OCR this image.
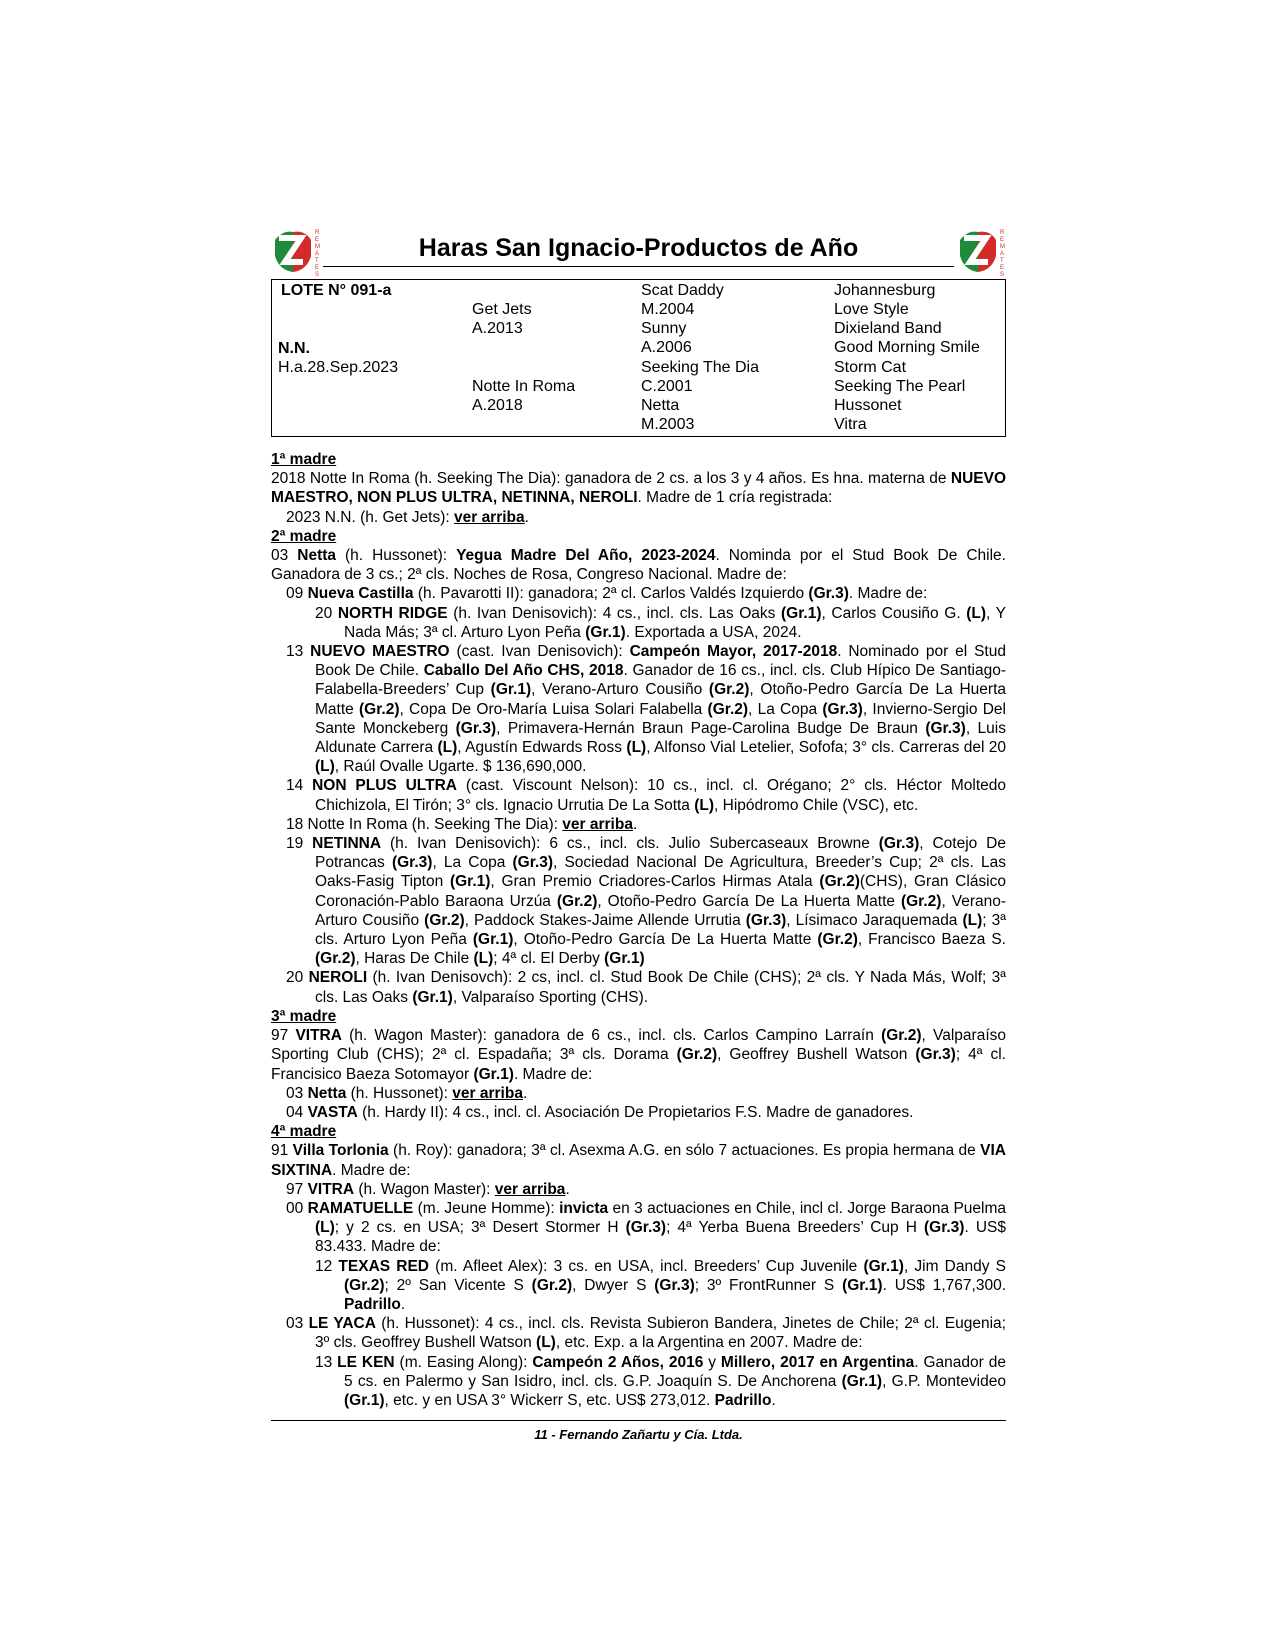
R
E
M
A
T
E
S
Haras San Ignacio-Productos de Año
R
E
M
A
T
E
S
LOTE N° 091-a
N.N.
H.a.28.Sep.2023
Get Jets
A.2013
Notte In Roma
A.2018
Scat Daddy
M.2004
Sunny
A.2006
Seeking The Dia
C.2001
Netta
M.2003
Johannesburg
Love Style
Dixieland Band
Good Morning Smile
Storm Cat
Seeking The Pearl
Hussonet
Vitra
1ª madre
2018 Notte In Roma (h. Seeking The Dia): ganadora de 2 cs. a los 3 y 4 años. Es hna. materna de NUEVO MAESTRO, NON PLUS ULTRA, NETINNA, NEROLI. Madre de 1 cría registrada:
2023 N.N. (h. Get Jets): ver arriba.
2ª madre
03 Netta (h. Hussonet): Yegua Madre Del Año, 2023-2024. Nominda por el Stud Book De Chile. Ganadora de 3 cs.; 2ª cls. Noches de Rosa, Congreso Nacional. Madre de:
09 Nueva Castilla (h. Pavarotti II): ganadora; 2ª cl. Carlos Valdés Izquierdo (Gr.3). Madre de:
20 NORTH RIDGE (h. Ivan Denisovich): 4 cs., incl. cls. Las Oaks (Gr.1), Carlos Cousiño G. (L), Y Nada Más; 3ª cl. Arturo Lyon Peña (Gr.1). Exportada a USA, 2024.
13 NUEVO MAESTRO (cast. Ivan Denisovich): Campeón Mayor, 2017-2018. Nominado por el Stud Book De Chile. Caballo Del Año CHS, 2018. Ganador de 16 cs., incl. cls. Club Hípico De Santiago-Falabella-Breeders’ Cup (Gr.1), Verano-Arturo Cousiño (Gr.2), Otoño-Pedro García De La Huerta Matte (Gr.2), Copa De Oro-María Luisa Solari Falabella (Gr.2), La Copa (Gr.3), Invierno-Sergio Del Sante Monckeberg (Gr.3), Primavera-Hernán Braun Page-Carolina Budge De Braun (Gr.3), Luis Aldunate Carrera (L), Agustín Edwards Ross (L), Alfonso Vial Letelier, Sofofa; 3° cls. Carreras del 20 (L), Raúl Ovalle Ugarte. $ 136,690,000.
14 NON PLUS ULTRA (cast. Viscount Nelson): 10 cs., incl. cl. Orégano; 2° cls. Héctor Moltedo Chichizola, El Tirón; 3° cls. Ignacio Urrutia De La Sotta (L), Hipódromo Chile (VSC), etc.
18 Notte In Roma (h. Seeking The Dia): ver arriba.
19 NETINNA (h. Ivan Denisovich): 6 cs., incl. cls. Julio Subercaseaux Browne (Gr.3), Cotejo De Potrancas (Gr.3), La Copa (Gr.3), Sociedad Nacional De Agricultura, Breeder’s Cup; 2ª cls. Las Oaks-Fasig Tipton (Gr.1), Gran Premio Criadores-Carlos Hirmas Atala (Gr.2)(CHS), Gran Clásico Coronación-Pablo Baraona Urzúa (Gr.2), Otoño-Pedro García De La Huerta Matte (Gr.2), Verano-Arturo Cousiño (Gr.2), Paddock Stakes-Jaime Allende Urrutia (Gr.3), Lísimaco Jaraquemada (L); 3ª cls. Arturo Lyon Peña (Gr.1), Otoño-Pedro García De La Huerta Matte (Gr.2), Francisco Baeza S. (Gr.2), Haras De Chile (L); 4ª cl. El Derby (Gr.1)
20 NEROLI (h. Ivan Denisovch): 2 cs, incl. cl. Stud Book De Chile (CHS); 2ª cls. Y Nada Más, Wolf; 3ª cls. Las Oaks (Gr.1), Valparaíso Sporting (CHS).
3ª madre
97 VITRA (h. Wagon Master): ganadora de 6 cs., incl. cls. Carlos Campino Larraín (Gr.2), Valparaíso Sporting Club (CHS); 2ª cl. Espadaña; 3ª cls. Dorama (Gr.2), Geoffrey Bushell Watson (Gr.3); 4ª cl. Francisico Baeza Sotomayor (Gr.1). Madre de:
03 Netta (h. Hussonet): ver arriba.
04 VASTA (h. Hardy II): 4 cs., incl. cl. Asociación De Propietarios F.S. Madre de ganadores.
4ª madre
91 Villa Torlonia (h. Roy): ganadora; 3ª cl. Asexma A.G. en sólo 7 actuaciones. Es propia hermana de VIA SIXTINA. Madre de:
97 VITRA (h. Wagon Master): ver arriba.
00 RAMATUELLE (m. Jeune Homme): invicta en 3 actuaciones en Chile, incl cl. Jorge Baraona Puelma (L); y 2 cs. en USA; 3ª Desert Stormer H (Gr.3); 4ª Yerba Buena Breeders’ Cup H (Gr.3). US$ 83.433. Madre de:
12 TEXAS RED (m. Afleet Alex): 3 cs. en USA, incl. Breeders’ Cup Juvenile (Gr.1), Jim Dandy S (Gr.2); 2º San Vicente S (Gr.2), Dwyer S (Gr.3); 3º FrontRunner S (Gr.1). US$ 1,767,300. Padrillo.
03 LE YACA (h. Hussonet): 4 cs., incl. cls. Revista Subieron Bandera, Jinetes de Chile; 2ª cl. Eugenia; 3º cls. Geoffrey Bushell Watson (L), etc. Exp. a la Argentina en 2007. Madre de:
13 LE KEN (m. Easing Along): Campeón 2 Años, 2016 y Millero, 2017 en Argentina. Ganador de 5 cs. en Palermo y San Isidro, incl. cls. G.P. Joaquín S. De Anchorena (Gr.1), G.P. Montevideo (Gr.1), etc. y en USA 3° Wickerr S, etc. US$ 273,012. Padrillo.
11 - Fernando Zañartu y Cía. Ltda.
